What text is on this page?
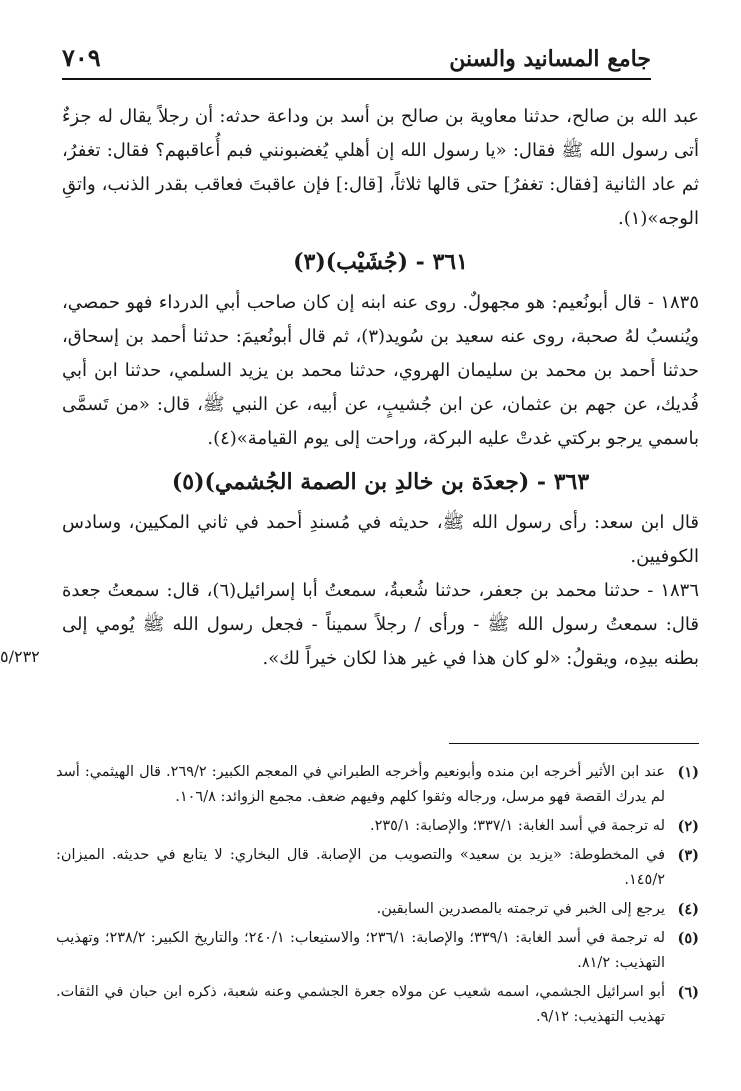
جامع المسانيد والسنن
٧٠٩

عبد الله بن صالح، حدثنا معاوية بن صالح بن أسد بن وداعة حدثه: أن رجلاً يقال له جزءٌ أتى رسول الله ﷺ فقال: «يا رسول الله إن أهلي يُغضبونني فبم أُعاقبهم؟ فقال: تغفرُ، ثم عاد الثانية [فقال: تغفرُ] حتى قالها ثلاثاً، [قال:] فإن عاقبتَ فعاقب بقدر الذنب، واتقِ الوجه»(١).

٣٦١ - (جُشَيْب)(٣)

١٨٣٥ - قال أبونُعيم: هو مجهولٌ. روى عنه ابنه إن كان صاحب أبي الدرداء فهو حمصي، ويُنسبُ لهُ صحبة، روى عنه سعيد بن سُويد(٣)، ثم قال أبونُعيمَ: حدثنا أحمد بن إسحاق، حدثنا أحمد بن محمد بن سليمان الهروي، حدثنا محمد بن يزيد السلمي، حدثنا ابن أبي فُديك، عن جهم بن عثمان، عن ابن جُشيبٍ، عن أبيه، عن النبي ﷺ، قال: «من تَسمَّى باسمي يرجو بركتي غدتْ عليه البركة، وراحت إلى يوم القيامة»(٤).

٣٦٣ - (جعدَة بن خالدِ بن الصمة الجُشمي)(٥)

قال ابن سعد: رأى رسول الله ﷺ، حديثه في مُسندِ أحمد في ثاني المكيين، وسادس الكوفيين.

١٨٣٦ - حدثنا محمد بن جعفر، حدثنا شُعبةُ، سمعتُ أبا إسرائيل(٦)، قال: سمعتُ جعدة قال: سمعتُ رسول الله ﷺ - ورأى / رجلاً سميناً - فجعل رسول الله ﷺ يُومي إلى بطنه بيدِه، ويقولُ: «لو كان هذا في غير هذا لكان خيراً لك».

٥/٢٣٢
(١)
عند ابن الأثير أخرجه ابن منده وأبونعيم وأخرجه الطبراني في المعجم الكبير: ٢٦٩/٢. قال الهيثمي: أسد لم يدرك القصة فهو مرسل، ورجاله وثقوا كلهم وفيهم ضعف. مجمع الزوائد: ١٠٦/٨.
(٢)
له ترجمة في أسد الغابة: ٣٣٧/١؛ والإصابة: ٢٣٥/١.
(٣)
في المخطوطة: «يزيد بن سعيد» والتصويب من الإصابة. قال البخاري: لا يتابع في حديثه. الميزان: ١٤٥/٢.
(٤)
يرجع إلى الخبر في ترجمته بالمصدرين السابقين.
(٥)
له ترجمة في أسد الغابة: ٣٣٩/١؛ والإصابة: ٢٣٦/١؛ والاستيعاب: ٢٤٠/١؛ والتاريخ الكبير: ٢٣٨/٢؛ وتهذيب التهذيب: ٨١/٢.
(٦)
أبو اسرائيل الجشمي، اسمه شعيب عن مولاه جعرة الجشمي وعنه شعبة، ذكره ابن حبان في الثقات. تهذيب التهذيب: ٩/١٢.
